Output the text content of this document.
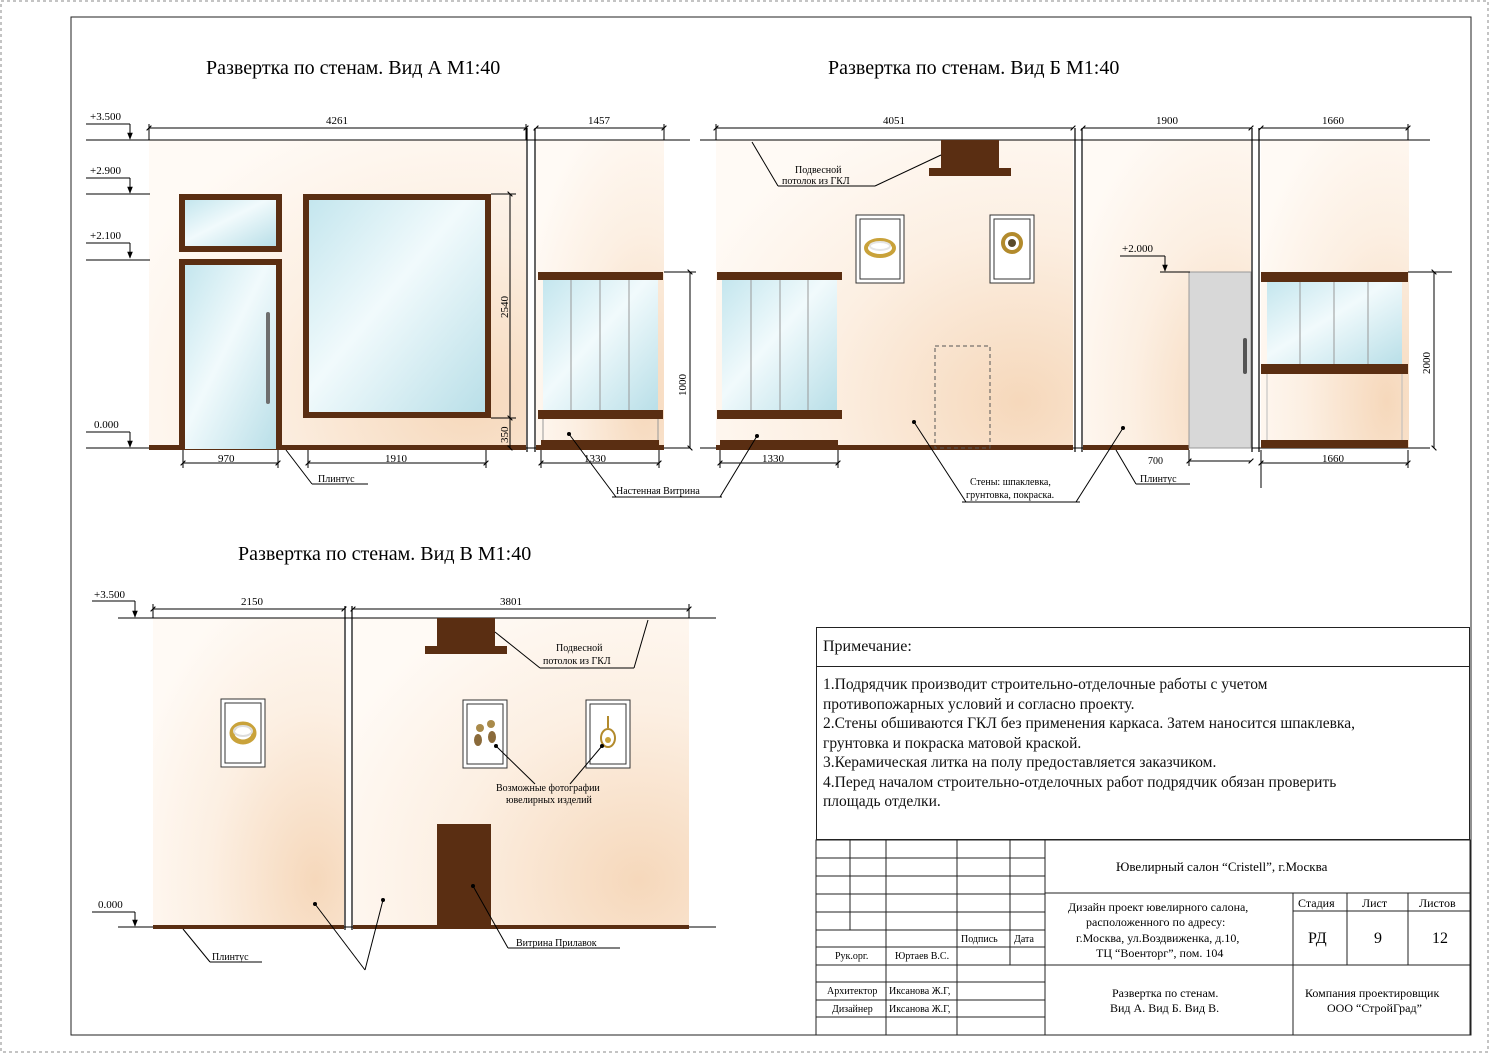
Развертка по стенам. Вид А М1:40	Развертка по стенам. Вид Б М1:40
Развертка по стенам. Вид В М1:40
+3.500
+2.900
+2.100
0.000
4261	1457
2540
350
1000
970	1910	1330
Плинтус
Подвесной
потолок из ГКЛ
+2.000
4051	1900	1660
2000
1330	700	1660
Плинтус
Настенная Витрина
Стены: шпаклевка,
грунтовка, покраска.
+3.500
0.000
2150	3801
Подвесной
потолок из ГКЛ
Возможные фотографии
ювелирных изделий
Витрина Прилавок
Плинтус
Подпись Дата
Рук.орг.	Юртаев В.С.
Архитектор Иксанова Ж.Г,
Дизайнер Иксанова Ж.Г,
Ювелирный салон “Cristell”, г.Москва
Дизайн проект ювелирного салона,
расположенного по адресу:
г.Москва, ул.Воздвиженка, д.10,
ТЦ “Военторг”, пом. 104
Стадия Лист	Листов
РД	9	12
Развертка по стенам.
Вид А. Вид Б. Вид В.
Компания проектировщик
ООО “СтройГрад”
Примечание:
1.Подрядчик производит строительно-отделочные работы с учетом
противопожарных условий и согласно проекту.
2.Стены обшиваются ГКЛ без применения каркаса. Затем наносится шпаклевка,
грунтовка и покраска матовой краской.
3.Керамическая литка на полу предоставляется заказчиком.
4.Перед началом строительно-отделочных работ подрядчик обязан проверить
площадь отделки.
